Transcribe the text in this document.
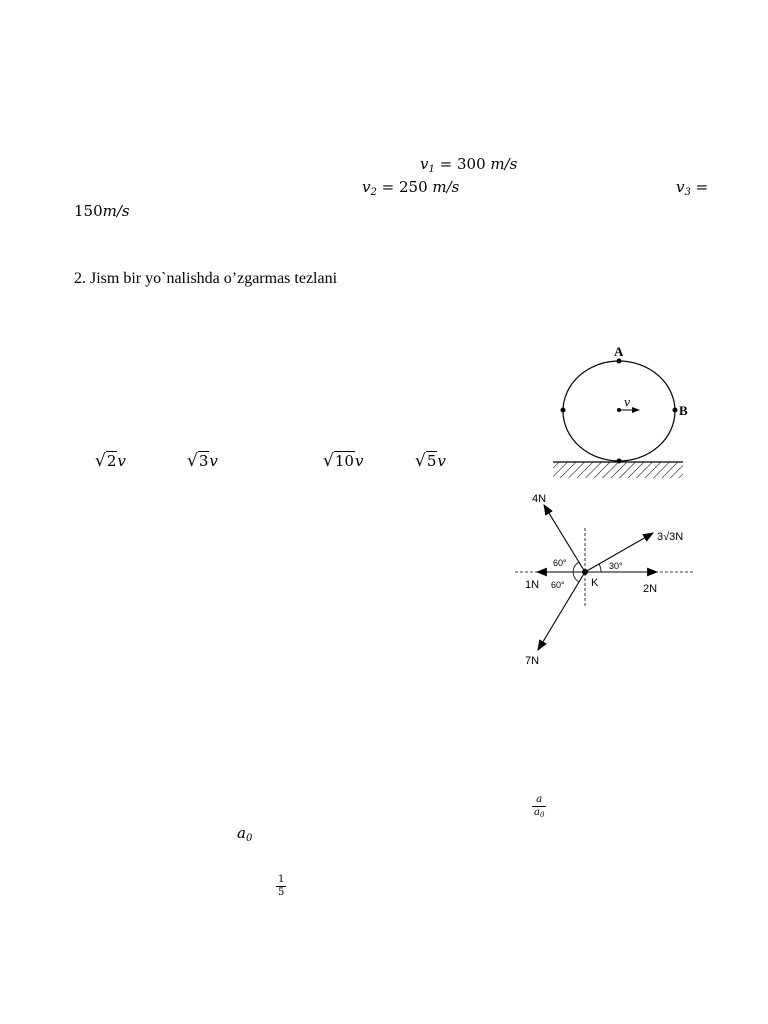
$v_1 = 300$ m/s
$v_2 = 250$ m/s	$v_3$ =
150m/s
2. Jism bir yo`nalishda o’zgarmas tezlani
√2v	√3v	√10v	√5v
A
B
v
4N
3√3N
1N	2N
7N
60°
60°
30°
K
$\frac{a}{a_0}$
$a_0$
$\frac{1}{5}$
